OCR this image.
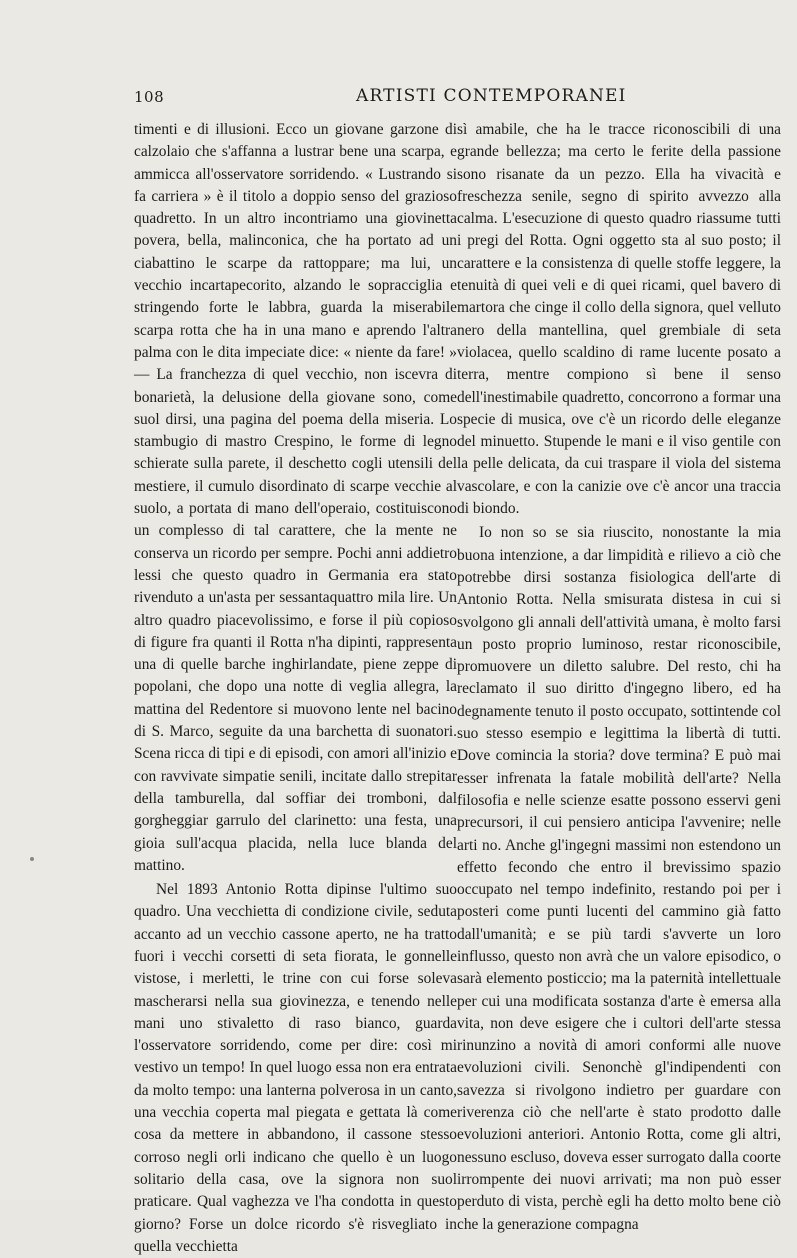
108	ARTISTI CONTEMPORANEI

timenti e di illusioni. Ecco un giovane garzone di calzolaio che s'affanna a lustrar bene una scarpa, e ammicca all'osservatore sorridendo. « Lustrando si fa carriera » è il titolo a doppio senso del grazioso quadretto. In un altro incontriamo una giovinetta povera, bella, malinconica, che ha portato ad un ciabattino le scarpe da rattoppare; ma lui, un vecchio incartapecorito, alzando le sopracciglia e stringendo forte le labbra, guarda la miserabile scarpa rotta che ha in una mano e aprendo l'altra palma con le dita impeciate dice: « niente da fare! » — La franchezza di quel vecchio, non iscevra di bonarietà, la delusione della giovane sono, come suol dirsi, una pagina del poema della miseria. Lo stambugio di mastro Crespino, le forme di legno schierate sulla parete, il deschetto cogli utensili del mestiere, il cumulo disordinato di scarpe vecchie al suolo, a portata di mano dell'operaio, costituiscono un complesso di tal carattere, che la mente ne conserva un ricordo per sempre. Pochi anni addietro lessi che questo quadro in Germania era stato rivenduto a un'asta per sessantaquattro mila lire. Un altro quadro piacevolissimo, e forse il più copioso di figure fra quanti il Rotta n'ha dipinti, rappresenta una di quelle barche inghirlandate, piene zeppe di popolani, che dopo una notte di veglia allegra, la mattina del Redentore si muovono lente nel bacino di S. Marco, seguite da una barchetta di suonatori. Scena ricca di tipi e di episodi, con amori all'inizio e con ravvivate simpatie senili, incitate dallo strepitar della tamburella, dal soffiar dei tromboni, dal gorgheggiar garrulo del clarinetto: una festa, una gioia sull'acqua placida, nella luce blanda del mattino.

Nel 1893 Antonio Rotta dipinse l'ultimo suo quadro. Una vecchietta di condizione civile, seduta accanto ad un vecchio cassone aperto, ne ha tratto fuori i vecchi corsetti di seta fiorata, le gonnelle vistose, i merletti, le trine con cui forse soleva mascherarsi nella sua giovinezza, e tenendo nelle mani uno stivaletto di raso bianco, guarda l'osservatore sorridendo, come per dire: così mi vestivo un tempo! In quel luogo essa non era entrata da molto tempo: una lanterna polverosa in un canto, una vecchia coperta mal piegata e gettata là come cosa da mettere in abbandono, il cassone stesso corroso negli orli indicano che quello è un luogo solitario della casa, ove la signora non suol praticare. Qual vaghezza ve l'ha condotta in questo giorno? Forse un dolce ricordo s'è risvegliato in quella vecchietta

sì amabile, che ha le tracce riconoscibili di una grande bellezza; ma certo le ferite della passione sono risanate da un pezzo. Ella ha vivacità e freschezza senile, segno di spirito avvezzo alla calma. L'esecuzione di questo quadro riassume tutti i pregi del Rotta. Ogni oggetto sta al suo posto; il carattere e la consistenza di quelle stoffe leggere, la tenuità di quei veli e di quei ricami, quel bavero di martora che cinge il collo della signora, quel velluto nero della mantellina, quel grembiale di seta violacea, quello scaldino di rame lucente posato a terra, mentre compiono sì bene il senso dell'inestimabile quadretto, concorrono a formar una specie di musica, ove c'è un ricordo delle eleganze del minuetto. Stupende le mani e il viso gentile con la pelle delicata, da cui traspare il viola del sistema vascolare, e con la canizie ove c'è ancor una traccia di biondo.

Io non so se sia riuscito, nonostante la mia buona intenzione, a dar limpidità e rilievo a ciò che potrebbe dirsi sostanza fisiologica dell'arte di Antonio Rotta. Nella smisurata distesa in cui si svolgono gli annali dell'attività umana, è molto farsi un posto proprio luminoso, restar riconoscibile, promuovere un diletto salubre. Del resto, chi ha reclamato il suo diritto d'ingegno libero, ed ha degnamente tenuto il posto occupato, sottintende col suo stesso esempio e legittima la libertà di tutti. Dove comincia la storia? dove termina? E può mai esser infrenata la fatale mobilità dell'arte? Nella filosofia e nelle scienze esatte possono esservi geni precursori, il cui pensiero anticipa l'avvenire; nelle arti no. Anche gl'ingegni massimi non estendono un effetto fecondo che entro il brevissimo spazio occupato nel tempo indefinito, restando poi per i posteri come punti lucenti del cammino già fatto dall'umanità; e se più tardi s'avverte un loro influsso, questo non avrà che un valore episodico, o sarà elemento posticcio; ma la paternità intellettuale per cui una modificata sostanza d'arte è emersa alla vita, non deve esigere che i cultori dell'arte stessa rinunzino a novità di amori conformi alle nuove evoluzioni civili. Senonchè gl'indipendenti con savezza si rivolgono indietro per guardare con riverenza ciò che nell'arte è stato prodotto dalle evoluzioni anteriori. Antonio Rotta, come gli altri, nessuno escluso, doveva esser surrogato dalla coorte irrompente dei nuovi arrivati; ma non può esser perduto di vista, perchè egli ha detto molto bene ciò che la generazione compagna
